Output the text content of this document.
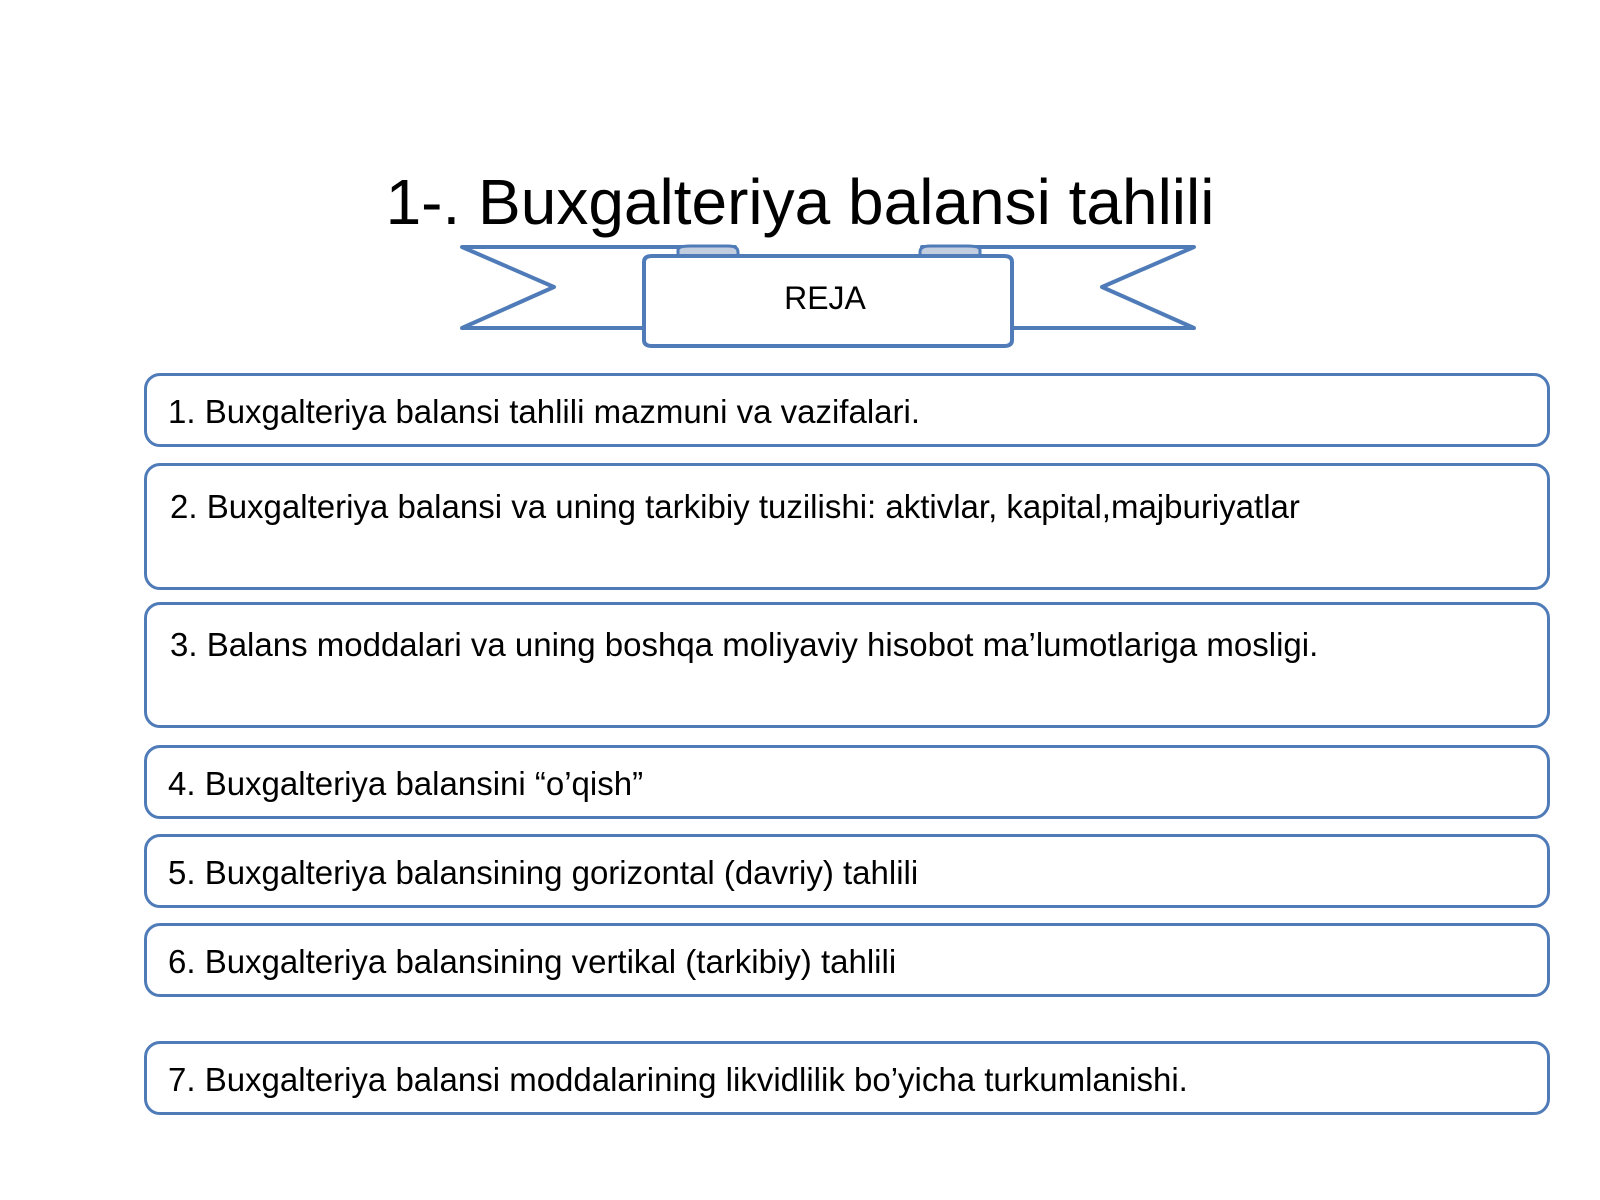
1-. Buxgalteriya balansi tahlili
REJA
1. Buxgalteriya balansi tahlili mazmuni va vazifalari.
2. Buxgalteriya balansi va uning tarkibiy tuzilishi: aktivlar, kapital,majburiyatlar
3. Balans moddalari va uning boshqa moliyaviy hisobot ma’lumotlariga mosligi.
4. Buxgalteriya balansini “o’qish”
5. Buxgalteriya balansining gorizontal (davriy) tahlili
6. Buxgalteriya balansining vertikal (tarkibiy) tahlili
7. Buxgalteriya balansi moddalarining likvidlilik bo’yicha turkumlanishi.
